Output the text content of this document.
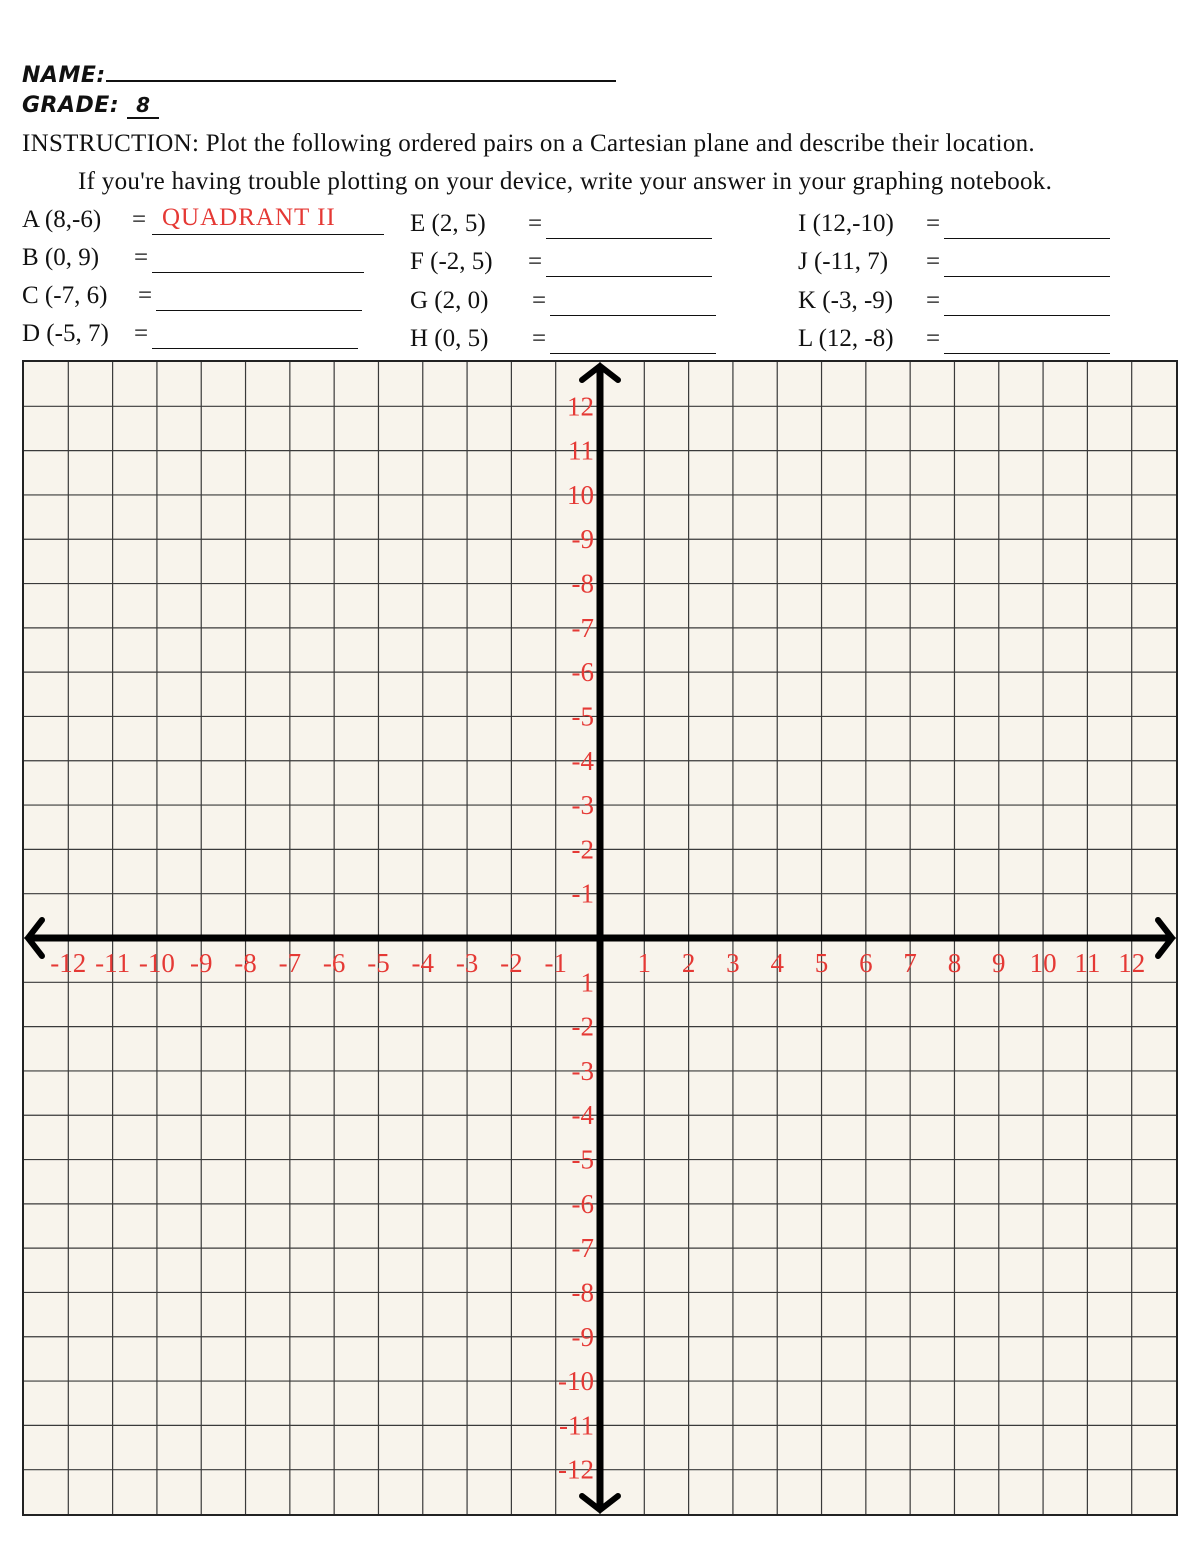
NAME:
GRADE: 8
INSTRUCTION: Plot the following ordered pairs on a Cartesian plane and describe their location.
If you're having trouble plotting on your device, write your answer in your graphing notebook.
A (8,-6) = QUADRANT II
B (0, 9) =
C (-7, 6) =
D (-5, 7) =
E (2, 5) =
F (-2, 5) =
G (2, 0) =
H (0, 5) =
I (12,-10) =
J (-11, 7) =
K (-3, -9) =
L (12, -8) =
-12 -11 -10 -9 -8 -7 -6 -5 -4 -3 -2 -1	1 2 3 4 5 6 7 8 9 10 11 12
12
11
10
-9
-8
-7
-6
-5
-4
-3
-2
-1
1
-2
-3
-4
-5
-6
-7
-8
-9
-10
-11
-12
